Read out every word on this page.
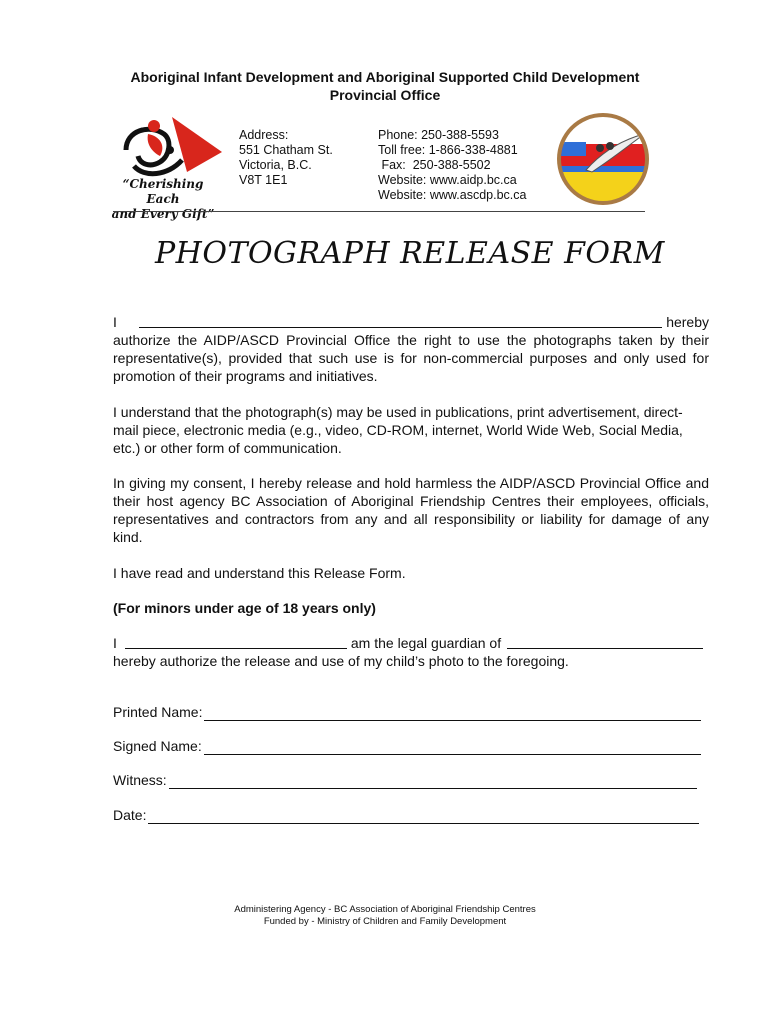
Aboriginal Infant Development and Aboriginal Supported Child Development
Provincial Office
“Cherishing Each
and Every Gift”
Address:
551 Chatham St.
Victoria, B.C.
V8T 1E1
Phone: 250-388-5593
Toll free: 1-866-338-4881
Fax:  250-388-5502
Website: www.aidp.bc.ca
Website: www.ascdp.bc.ca
PHOTOGRAPH RELEASE FORM
I	hereby
authorize the AIDP/ASCD Provincial Office the right to use the photographs taken by their representative(s), provided that such use is for non-commercial purposes and only used for promotion of their programs and initiatives.
I understand that the photograph(s) may be used in publications, print advertisement, direct-mail piece, electronic media (e.g., video, CD-ROM, internet, World Wide Web, Social Media, etc.) or other form of communication.
In giving my consent, I hereby release and hold harmless the AIDP/ASCD Provincial Office and their host agency BC Association of Aboriginal Friendship Centres their employees, officials, representatives and contractors from any and all responsibility or liability for damage of any kind.
I have read and understand this Release Form.
(For minors under age of 18 years only)
I	am the legal guardian of
hereby authorize the release and use of my child’s photo to the foregoing.
Printed Name:
Signed Name:
Witness:
Date:
Administering Agency - BC Association of Aboriginal Friendship Centres
Funded by - Ministry of Children and Family Development
